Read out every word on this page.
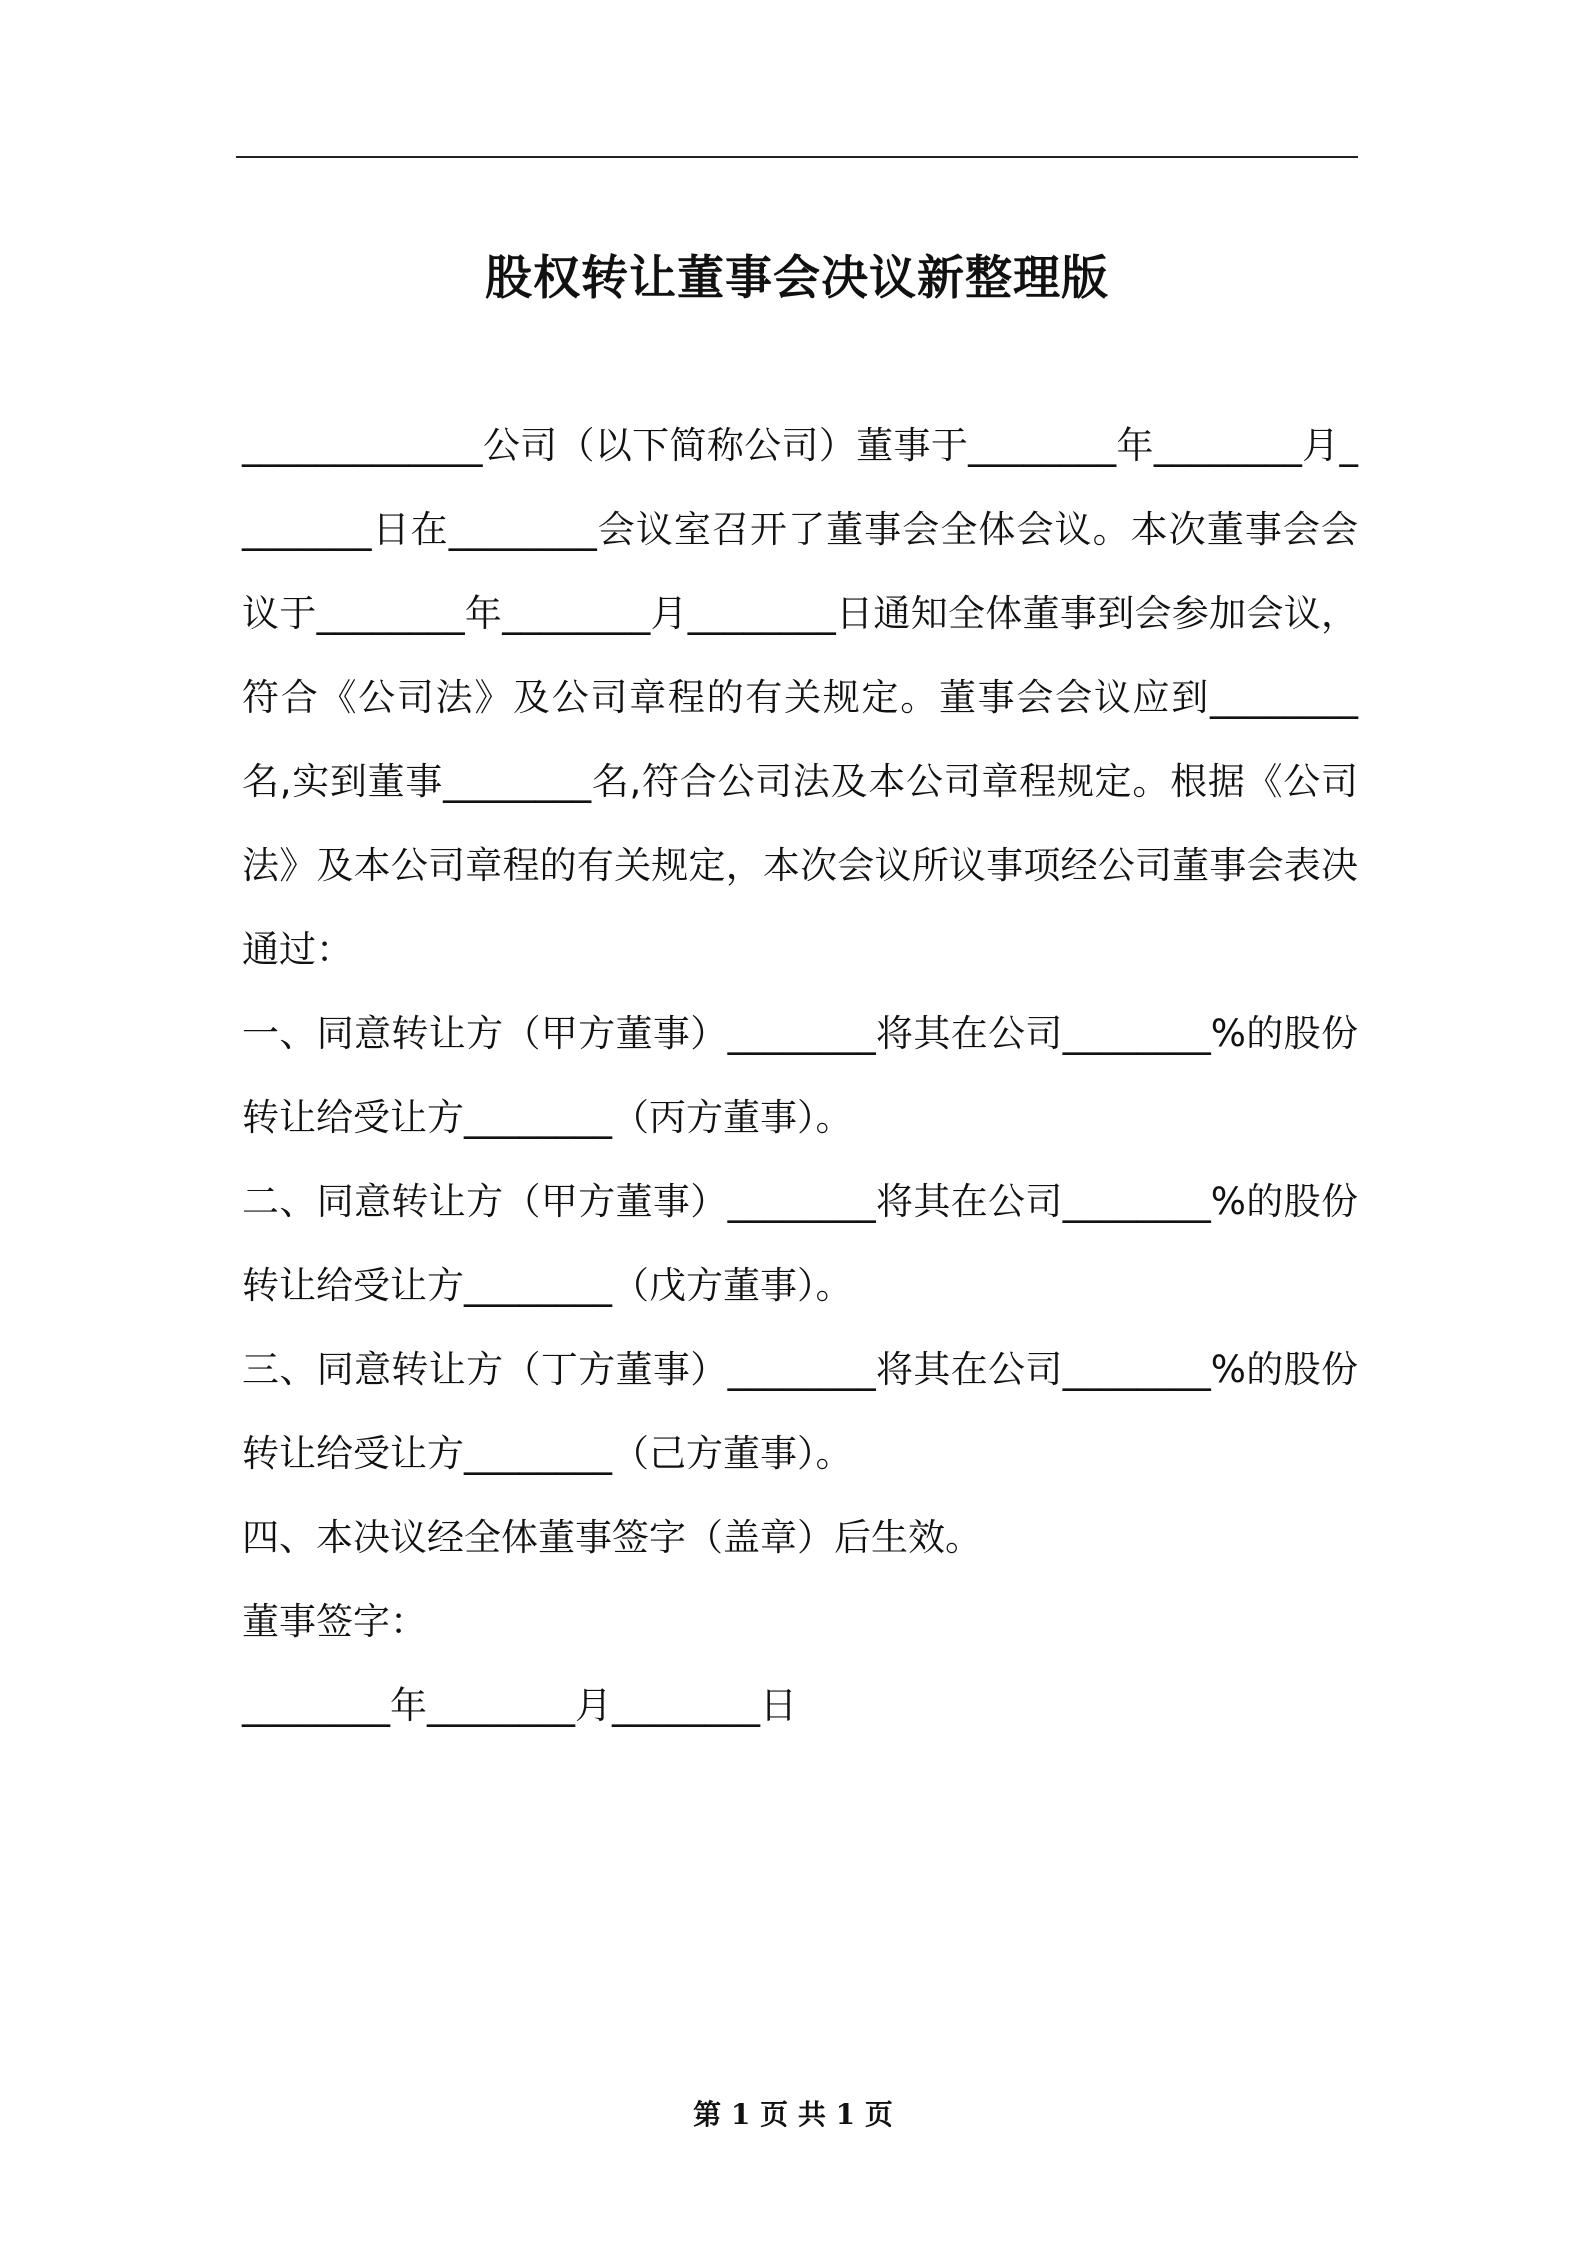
股权转让董事会决议新整理版

_____________公司（以下简称公司）董事于________年________月________日在________会议室召开了董事会全体会议。本次董事会会议于________年________月________日通知全体董事到会参加会议，符合《公司法》及公司章程的有关规定。董事会会议应到________名,实到董事________名,符合公司法及本公司章程规定。根据《公司法》及本公司章程的有关规定，本次会议所议事项经公司董事会表决通过：

一、同意转让方（甲方董事）________将其在公司________%的股份转让给受让方________（丙方董事）。

二、同意转让方（甲方董事）________将其在公司________%的股份转让给受让方________（戊方董事）。

三、同意转让方（丁方董事）________将其在公司________%的股份转让给受让方________（己方董事）。

四、本决议经全体董事签字（盖章）后生效。

董事签字：

________年________月________日

第 1 页 共 1 页
